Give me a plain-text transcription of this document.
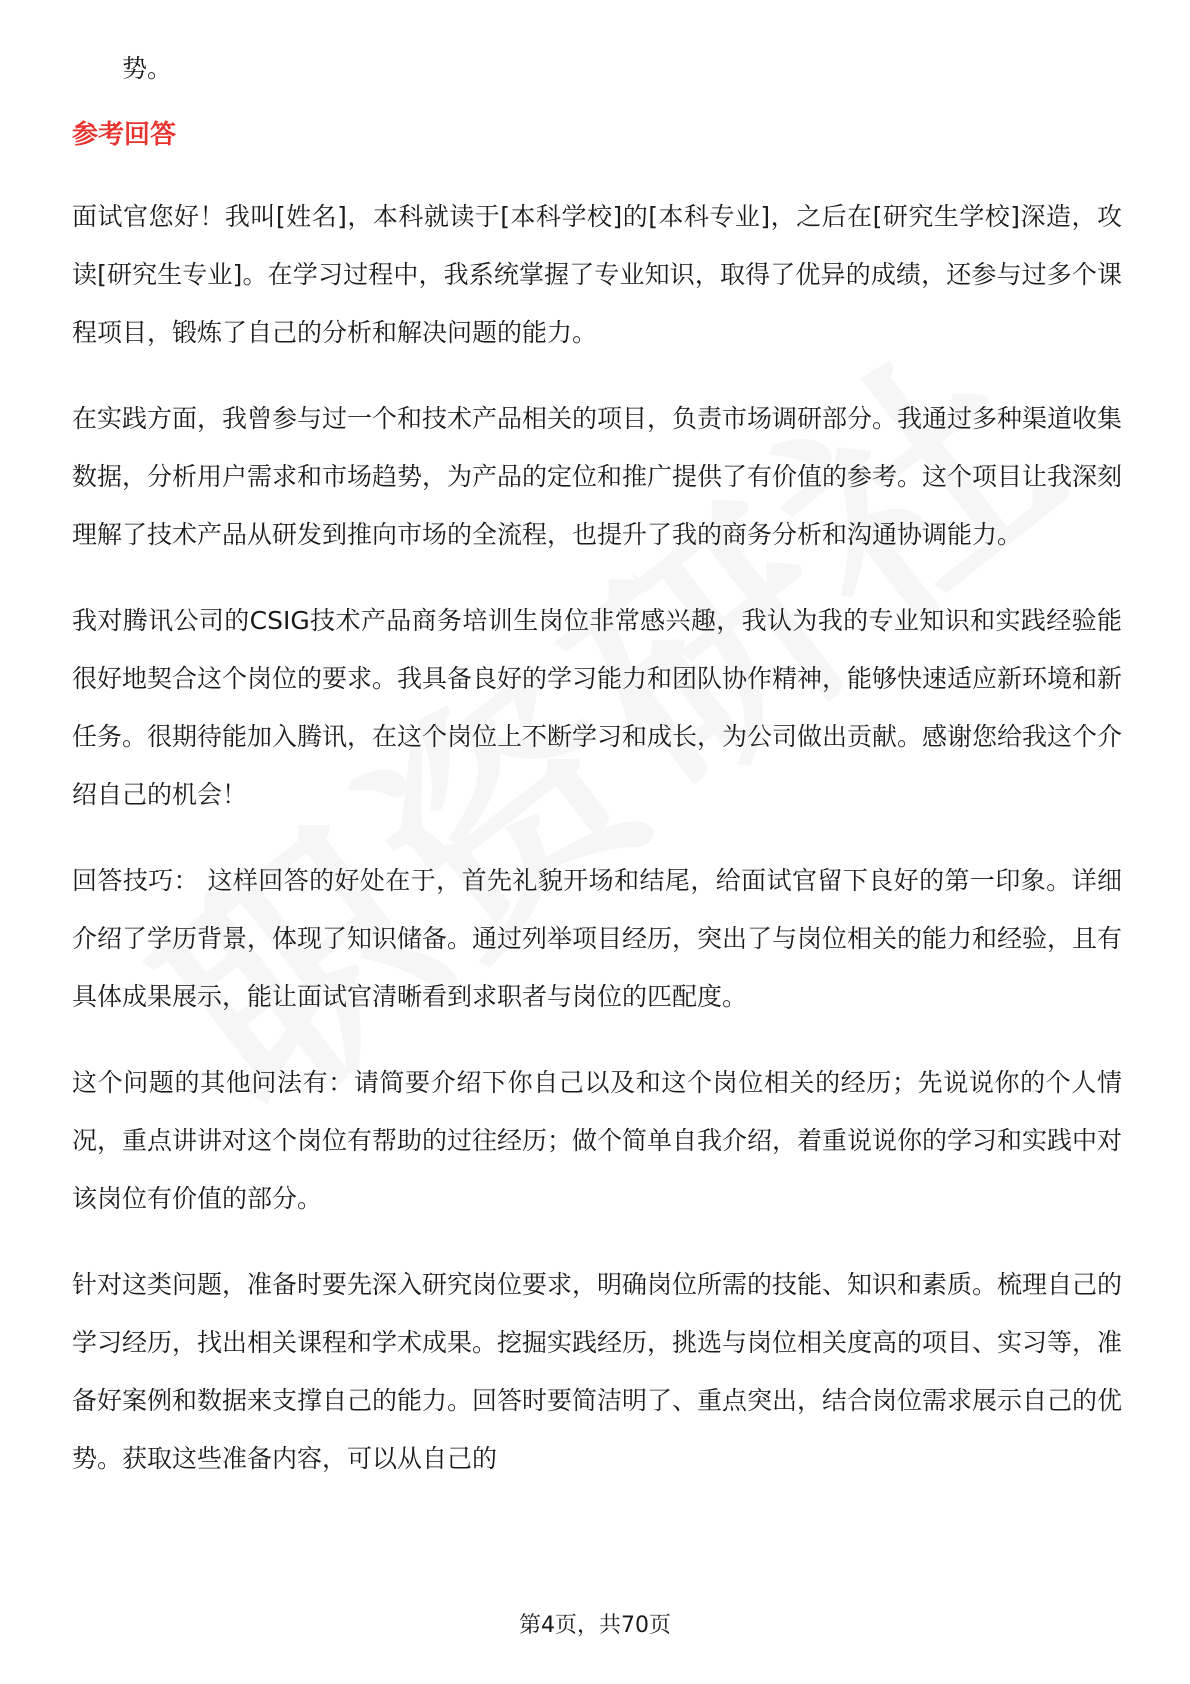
势。
参考回答
面试官您好！我叫[姓名]，本科就读于[本科学校]的[本科专业]，之后在[研究生学校]深造，攻读[研究生专业]。在学习过程中，我系统掌握了专业知识，取得了优异的成绩，还参与过多个课程项目，锻炼了自己的分析和解决问题的能力。
在实践方面，我曾参与过一个和技术产品相关的项目，负责市场调研部分。我通过多种渠道收集数据，分析用户需求和市场趋势，为产品的定位和推广提供了有价值的参考。这个项目让我深刻理解了技术产品从研发到推向市场的全流程，也提升了我的商务分析和沟通协调能力。
我对腾讯公司的CSIG技术产品商务培训生岗位非常感兴趣，我认为我的专业知识和实践经验能很好地契合这个岗位的要求。我具备良好的学习能力和团队协作精神，能够快速适应新环境和新任务。很期待能加入腾讯，在这个岗位上不断学习和成长，为公司做出贡献。感谢您给我这个介绍自己的机会！
回答技巧： 这样回答的好处在于，首先礼貌开场和结尾，给面试官留下良好的第一印象。详细介绍了学历背景，体现了知识储备。通过列举项目经历，突出了与岗位相关的能力和经验，且有具体成果展示，能让面试官清晰看到求职者与岗位的匹配度。
这个问题的其他问法有：请简要介绍下你自己以及和这个岗位相关的经历；先说说你的个人情况，重点讲讲对这个岗位有帮助的过往经历；做个简单自我介绍，着重说说你的学习和实践中对该岗位有价值的部分。
针对这类问题，准备时要先深入研究岗位要求，明确岗位所需的技能、知识和素质。梳理自己的学习经历，找出相关课程和学术成果。挖掘实践经历，挑选与岗位相关度高的项目、实习等，准备好案例和数据来支撑自己的能力。回答时要简洁明了、重点突出，结合岗位需求展示自己的优势。获取这些准备内容，可以从自己的
第4页，共70页
